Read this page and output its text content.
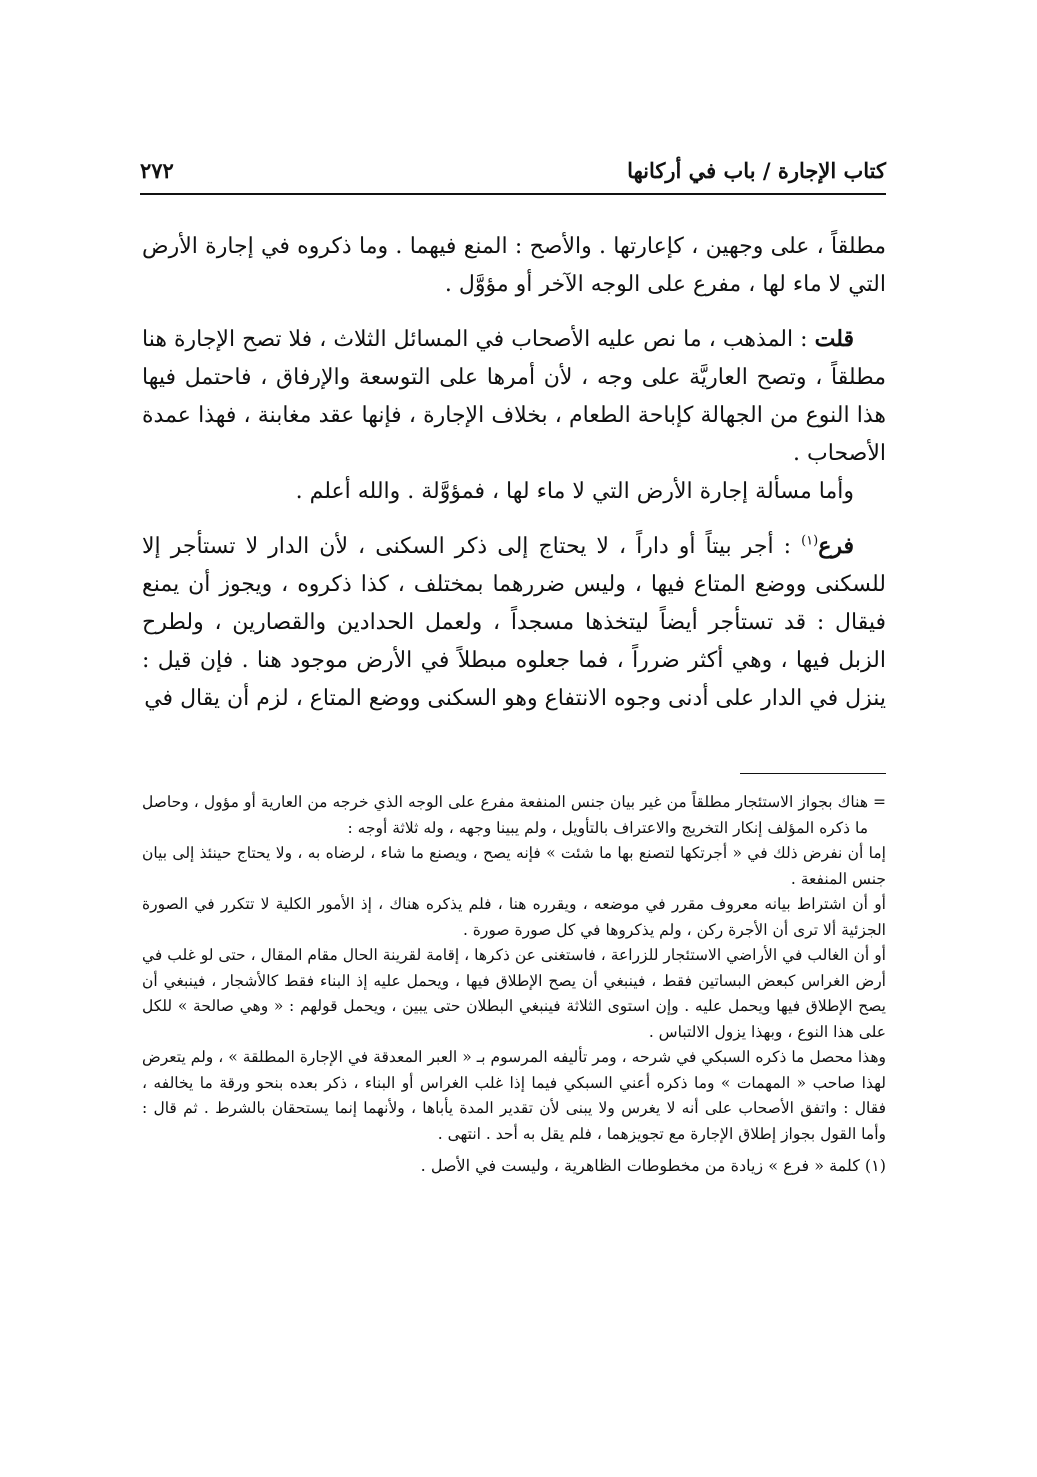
كتاب الإجارة / باب في أركانها
٢٧٢

مطلقاً ، على وجهين ، كإعارتها . والأصح : المنع فيهما . وما ذكروه في إجارة الأرض التي لا ماء لها ، مفرع على الوجه الآخر أو مؤوَّل .

قلت : المذهب ، ما نص عليه الأصحاب في المسائل الثلاث ، فلا تصح الإجارة هنا مطلقاً ، وتصح العاريَّة على وجه ، لأن أمرها على التوسعة والإرفاق ، فاحتمل فيها هذا النوع من الجهالة كإباحة الطعام ، بخلاف الإجارة ، فإنها عقد مغابنة ، فهذا عمدة الأصحاب .

وأما مسألة إجارة الأرض التي لا ماء لها ، فمؤوَّلة . والله أعلم .

فرع$^{(١)}$ : أجر بيتاً أو داراً ، لا يحتاج إلى ذكر السكنى ، لأن الدار لا تستأجر إلا للسكنى ووضع المتاع فيها ، وليس ضررهما بمختلف ، كذا ذكروه ، ويجوز أن يمنع فيقال : قد تستأجر أيضاً ليتخذها مسجداً ، ولعمل الحدادين والقصارين ، ولطرح الزبل فيها ، وهي أكثر ضرراً ، فما جعلوه مبطلاً في الأرض موجود هنا . فإن قيل : ينزل في الدار على أدنى وجوه الانتفاع وهو السكنى ووضع المتاع ، لزم أن يقال في

=

هناك بجواز الاستئجار مطلقاً من غير بيان جنس المنفعة مفرع على الوجه الذي خرجه من العارية أو مؤول ، وحاصل ما ذكره المؤلف إنكار التخريج والاعتراف بالتأويل ، ولم يبينا وجهه ، وله ثلاثة أوجه :

إما أن نفرض ذلك في « أجرتكها لتصنع بها ما شئت » فإنه يصح ، ويصنع ما شاء ، لرضاه به ، ولا يحتاج حينئذ إلى بيان جنس المنفعة .

أو أن اشتراط بيانه معروف مقرر في موضعه ، ويقرره هنا ، فلم يذكره هناك ، إذ الأمور الكلية لا تتكرر في الصورة الجزئية ألا ترى أن الأجرة ركن ، ولم يذكروها في كل صورة صورة .

أو أن الغالب في الأراضي الاستئجار للزراعة ، فاستغنى عن ذكرها ، إقامة لقرينة الحال مقام المقال ، حتى لو غلب في أرض الغراس كبعض البساتين فقط ، فينبغي أن يصح الإطلاق فيها ، ويحمل عليه إذ البناء فقط كالأشجار ، فينبغي أن يصح الإطلاق فيها ويحمل عليه . وإن استوى الثلاثة فينبغي البطلان حتى يبين ، ويحمل قولهم : « وهي صالحة » للكل على هذا النوع ، وبهذا يزول الالتباس .

وهذا محصل ما ذكره السبكي في شرحه ، ومر تأليفه المرسوم بـ « العبر المعدقة في الإجارة المطلقة » ، ولم يتعرض لهذا صاحب « المهمات » وما ذكره أعني السبكي فيما إذا غلب الغراس أو البناء ، ذكر بعده بنحو ورقة ما يخالفه ، فقال : واتفق الأصحاب على أنه لا يغرس ولا يبنى لأن تقدير المدة يأباها ، ولأنهما إنما يستحقان بالشرط . ثم قال : وأما القول بجواز إطلاق الإجارة مع تجويزهما ، فلم يقل به أحد . انتهى .

(١) كلمة « فرع » زيادة من مخطوطات الظاهرية ، وليست في الأصل .
